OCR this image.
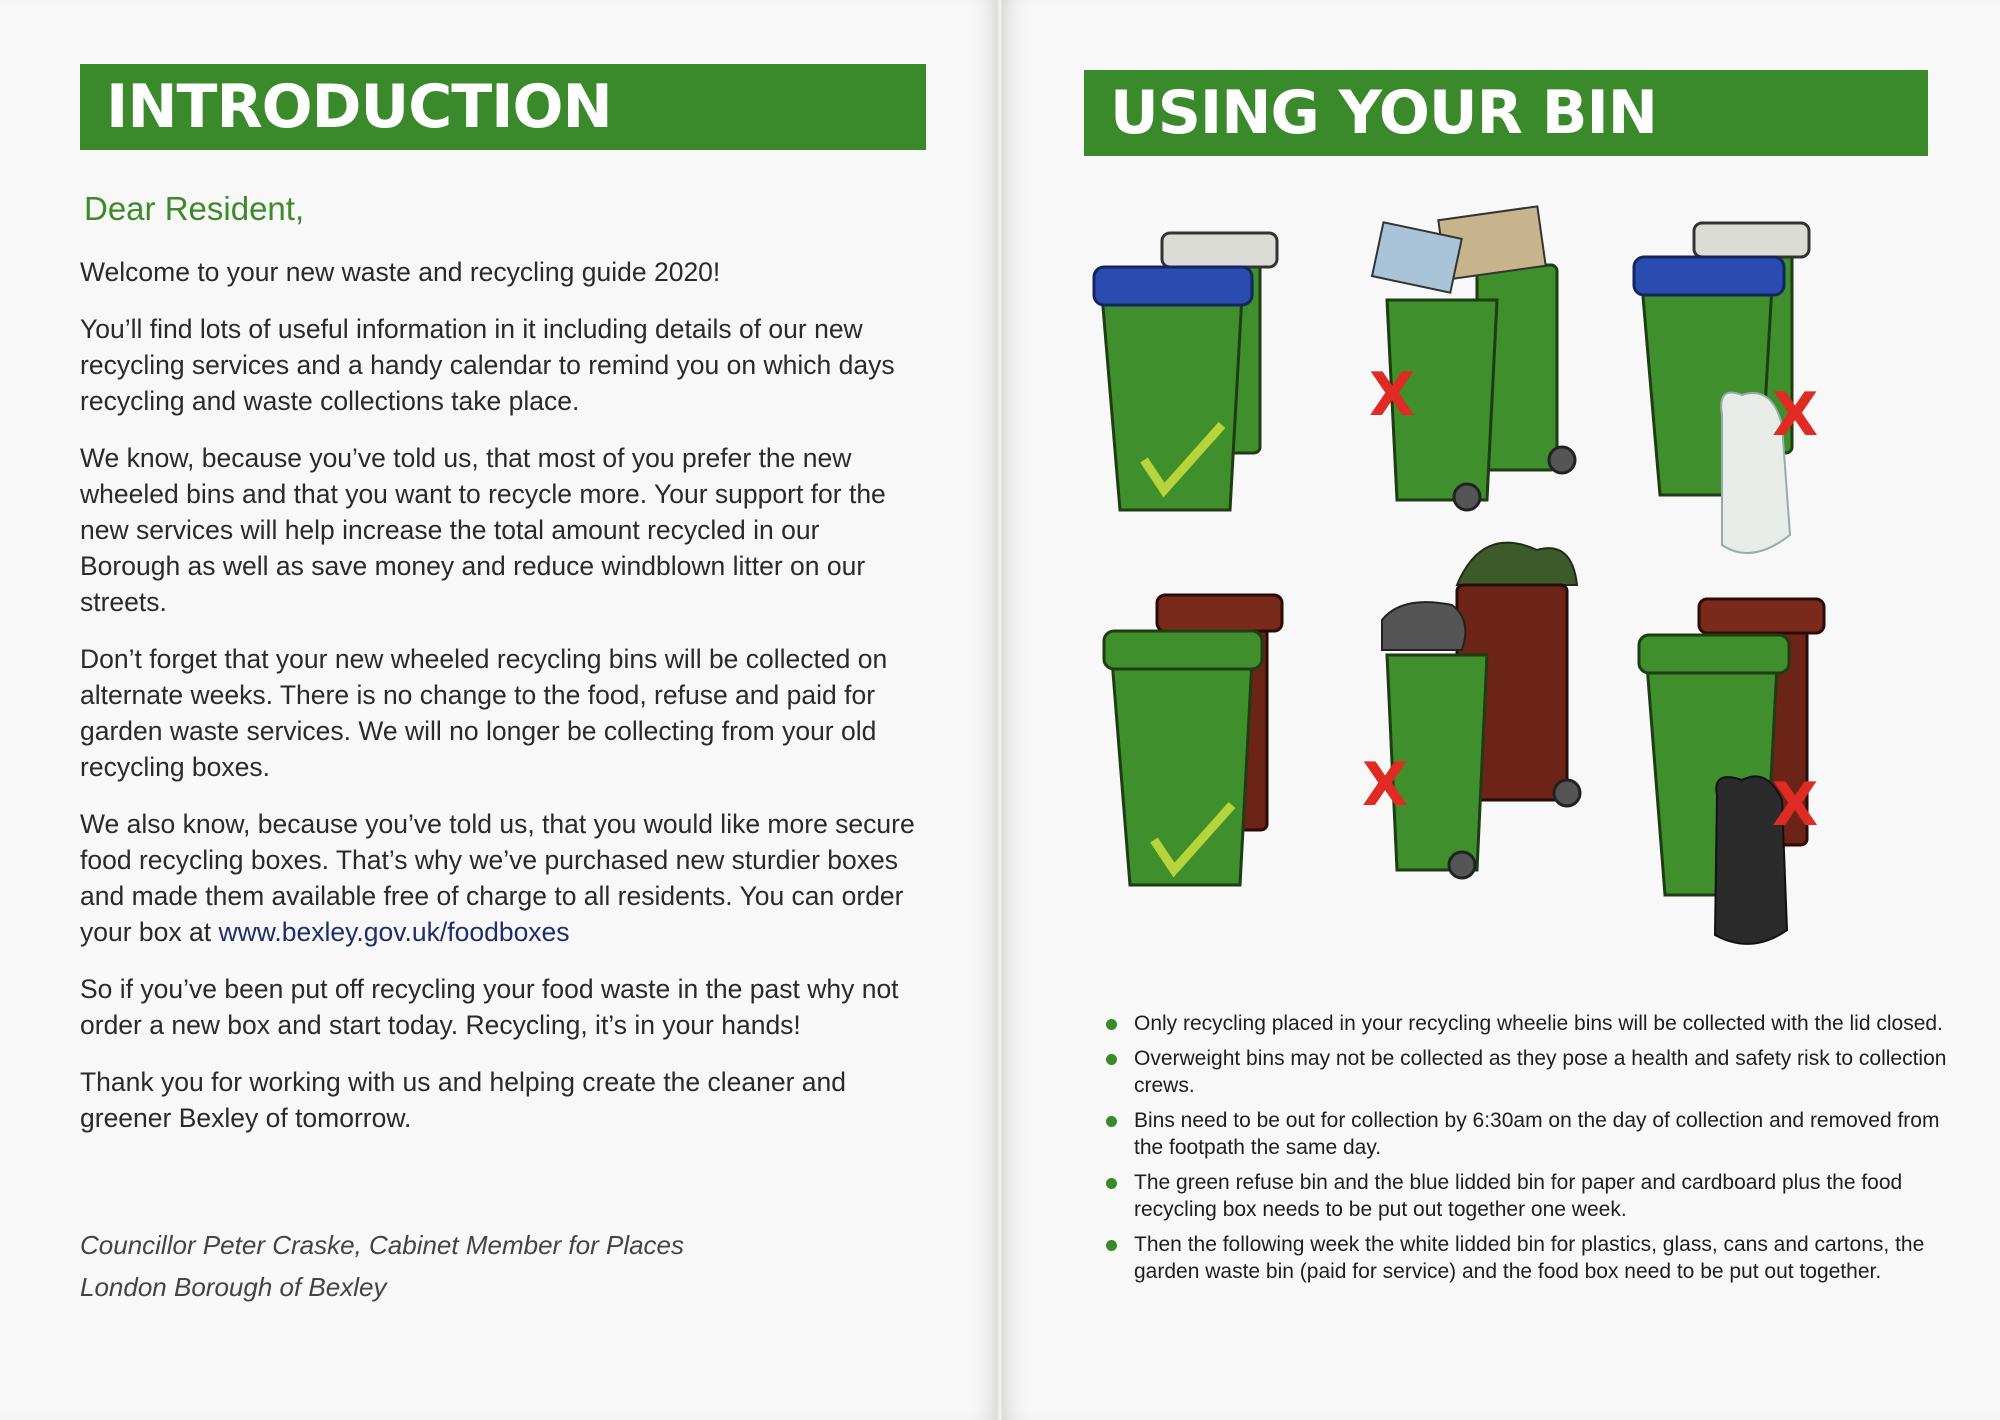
INTRODUCTION
Dear Resident,

Welcome to your new waste and recycling guide 2020!

You’ll find lots of useful information in it including details of our new recycling services and a handy calendar to remind you on which days recycling and waste collections take place.

We know, because you’ve told us, that most of you prefer the new wheeled bins and that you want to recycle more. Your support for the new services will help increase the total amount recycled in our Borough as well as save money and reduce windblown litter on our streets.

Don’t forget that your new wheeled recycling bins will be collected on alternate weeks. There is no change to the food, refuse and paid for garden waste services. We will no longer be collecting from your old recycling boxes.

We also know, because you’ve told us, that you would like more secure food recycling boxes. That’s why we’ve purchased new sturdier boxes and made them available free of charge to all residents. You can order your box at www.bexley.gov.uk/foodboxes

So if you’ve been put off recycling your food waste in the past why not order a new box and start today. Recycling, it’s in your hands!

Thank you for working with us and helping create the cleaner and greener Bexley of tomorrow.

Councillor Peter Craske, Cabinet Member for Places
London Borough of Bexley
USING YOUR BIN
X	X
X	X
Only recycling placed in your recycling wheelie bins will be collected with the lid closed.
Overweight bins may not be collected as they pose a health and safety risk to collection crews.
Bins need to be out for collection by 6:30am on the day of collection and removed from the footpath the same day.
The green refuse bin and the blue lidded bin for paper and cardboard plus the food recycling box needs to be put out together one week.
Then the following week the white lidded bin for plastics, glass, cans and cartons, the garden waste bin (paid for service) and the food box need to be put out together.
